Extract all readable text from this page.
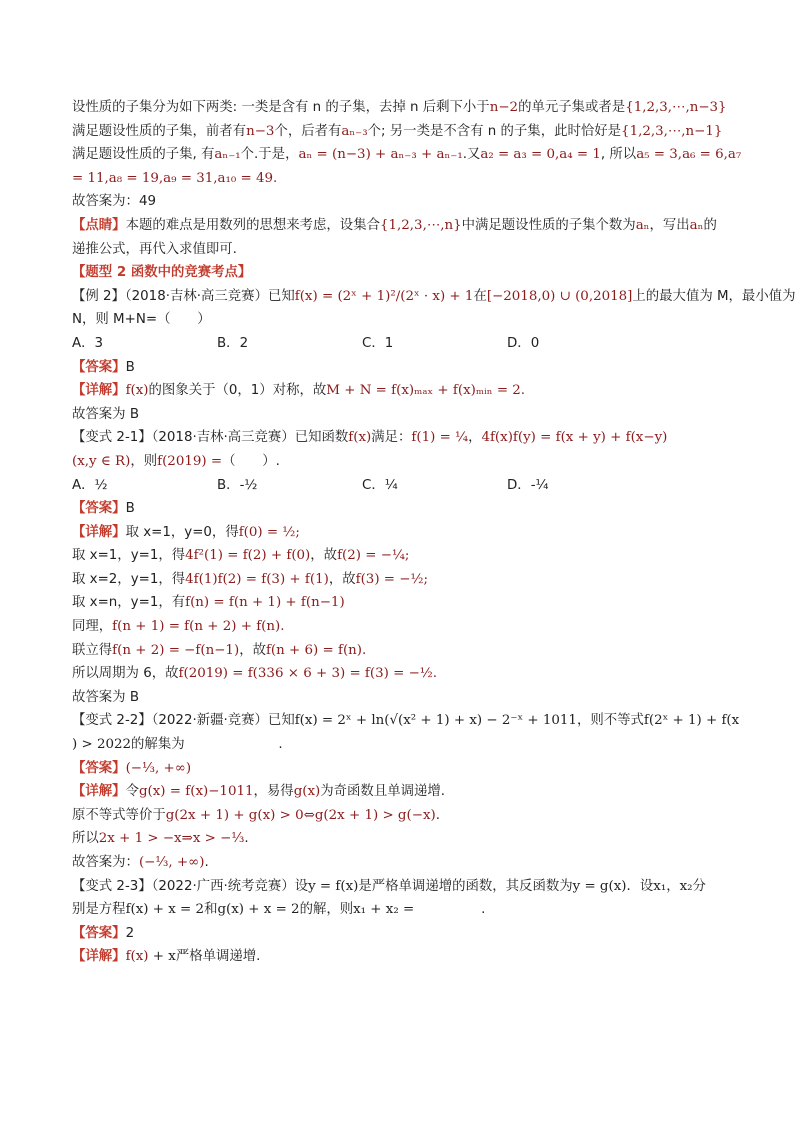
设性质的子集分为如下两类: 一类是含有 n 的子集，去掉 n 后剩下小于n−2的单元子集或者是{1,2,3,⋯,n−3}
满足题设性质的子集，前者有n−3个，后者有aₙ₋₃个; 另一类是不含有 n 的子集，此时恰好是{1,2,3,⋯,n−1}
满足题设性质的子集, 有aₙ₋₁个.于是，aₙ = (n−3) + aₙ₋₃ + aₙ₋₁.又a₂ = a₃ = 0,a₄ = 1, 所以a₅ = 3,a₆ = 6,a₇
= 11,a₈ = 19,a₉ = 31,a₁₀ = 49.
故答案为：49
【点睛】本题的难点是用数列的思想来考虑，设集合{1,2,3,⋯,n}中满足题设性质的子集个数为aₙ，写出aₙ的
递推公式，再代入求值即可.
【题型 2 函数中的竞赛考点】
【例 2】（2018·吉林·高三竞赛）已知f(x) = (2ˣ + 1)²/(2ˣ · x) + 1在[−2018,0) ∪ (0,2018]上的最大值为 M，最小值为
N，则 M+N=（　　）
A．3	B．2	C．1	D．0
【答案】B
【详解】f(x)的图象关于（0，1）对称，故M + N = f(x)ₘₐₓ + f(x)ₘᵢₙ = 2.
故答案为 B
【变式 2-1】（2018·吉林·高三竞赛）已知函数f(x)满足：f(1) = ¼，4f(x)f(y) = f(x + y) + f(x−y)
(x,y ∈ R)，则f(2019) =（　　）.
A．½	B．-½	C．¼	D．-¼
【答案】B
【详解】取 x=1，y=0，得f(0) = ½;
取 x=1，y=1，得4f²(1) = f(2) + f(0)，故f(2) = −¼;
取 x=2，y=1，得4f(1)f(2) = f(3) + f(1)，故f(3) = −½;
取 x=n，y=1，有f(n) = f(n + 1) + f(n−1)
同理，f(n + 1) = f(n + 2) + f(n).
联立得f(n + 2) = −f(n−1)，故f(n + 6) = f(n).
所以周期为 6，故f(2019) = f(336 × 6 + 3) = f(3) = −½.
故答案为 B
【变式 2-2】（2022·新疆·竞赛）已知f(x) = 2ˣ + ln(√(x² + 1) + x) − 2⁻ˣ + 1011，则不等式f(2ˣ + 1) + f(x
) > 2022的解集为　　　　　　　.
【答案】(−⅓, +∞)
【详解】令g(x) = f(x)−1011，易得g(x)为奇函数且单调递增.
原不等式等价于g(2x + 1) + g(x) > 0⇔g(2x + 1) > g(−x).
所以2x + 1 > −x⇒x > −⅓.
故答案为：(−⅓, +∞).
【变式 2-3】（2022·广西·统考竞赛）设y = f(x)是严格单调递增的函数，其反函数为y = g(x)．设x₁，x₂分
别是方程f(x) + x = 2和g(x) + x = 2的解，则x₁ + x₂ =　　　　　.
【答案】2
【详解】f(x) + x严格单调递增.
